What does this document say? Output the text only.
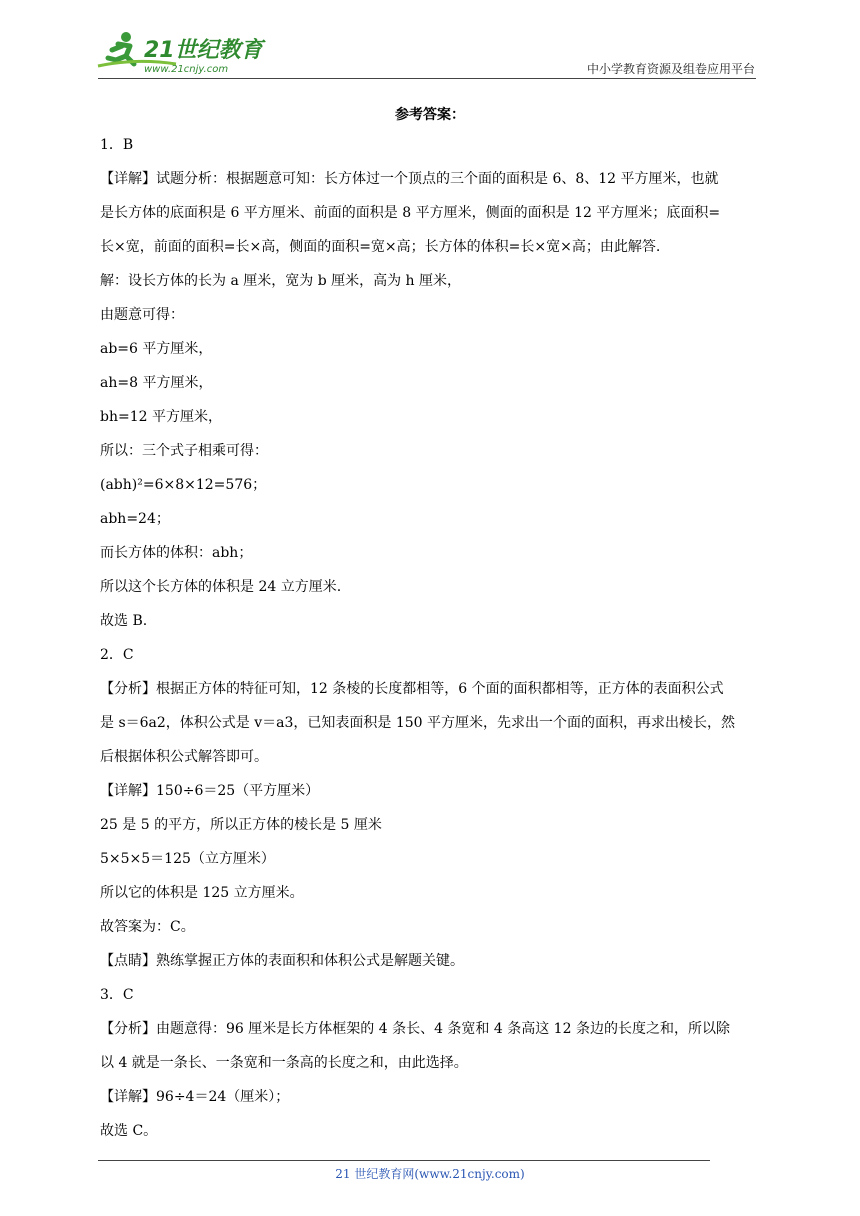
21世纪教育
www.21cnjy.com	中小学教育资源及组卷应用平台
参考答案：

1．B

【详解】试题分析：根据题意可知：长方体过一个顶点的三个面的面积是 6、8、12 平方厘米，也就

是长方体的底面积是 6 平方厘米、前面的面积是 8 平方厘米，侧面的面积是 12 平方厘米；底面积=

长×宽，前面的面积=长×高，侧面的面积=宽×高；长方体的体积=长×宽×高；由此解答.

解：设长方体的长为 a 厘米，宽为 b 厘米，高为 h 厘米，

由题意可得：

ab=6 平方厘米，

ah=8 平方厘米，

bh=12 平方厘米，

所以：三个式子相乘可得：

(abh)²=6×8×12=576；

abh=24；

而长方体的体积：abh；

所以这个长方体的体积是 24 立方厘米.

故选 B.

2．C

【分析】根据正方体的特征可知，12 条棱的长度都相等，6 个面的面积都相等，正方体的表面积公式

是 s＝6a2，体积公式是 v＝a3，已知表面积是 150 平方厘米，先求出一个面的面积，再求出棱长，然

后根据体积公式解答即可。

【详解】150÷6＝25（平方厘米）

25 是 5 的平方，所以正方体的棱长是 5 厘米

5×5×5＝125（立方厘米）

所以它的体积是 125 立方厘米。

故答案为：C。

【点睛】熟练掌握正方体的表面积和体积公式是解题关键。

3．C

【分析】由题意得：96 厘米是长方体框架的 4 条长、4 条宽和 4 条高这 12 条边的长度之和，所以除

以 4 就是一条长、一条宽和一条高的长度之和，由此选择。

【详解】96÷4＝24（厘米）；

故选 C。

21 世纪教育网(www.21cnjy.com)
